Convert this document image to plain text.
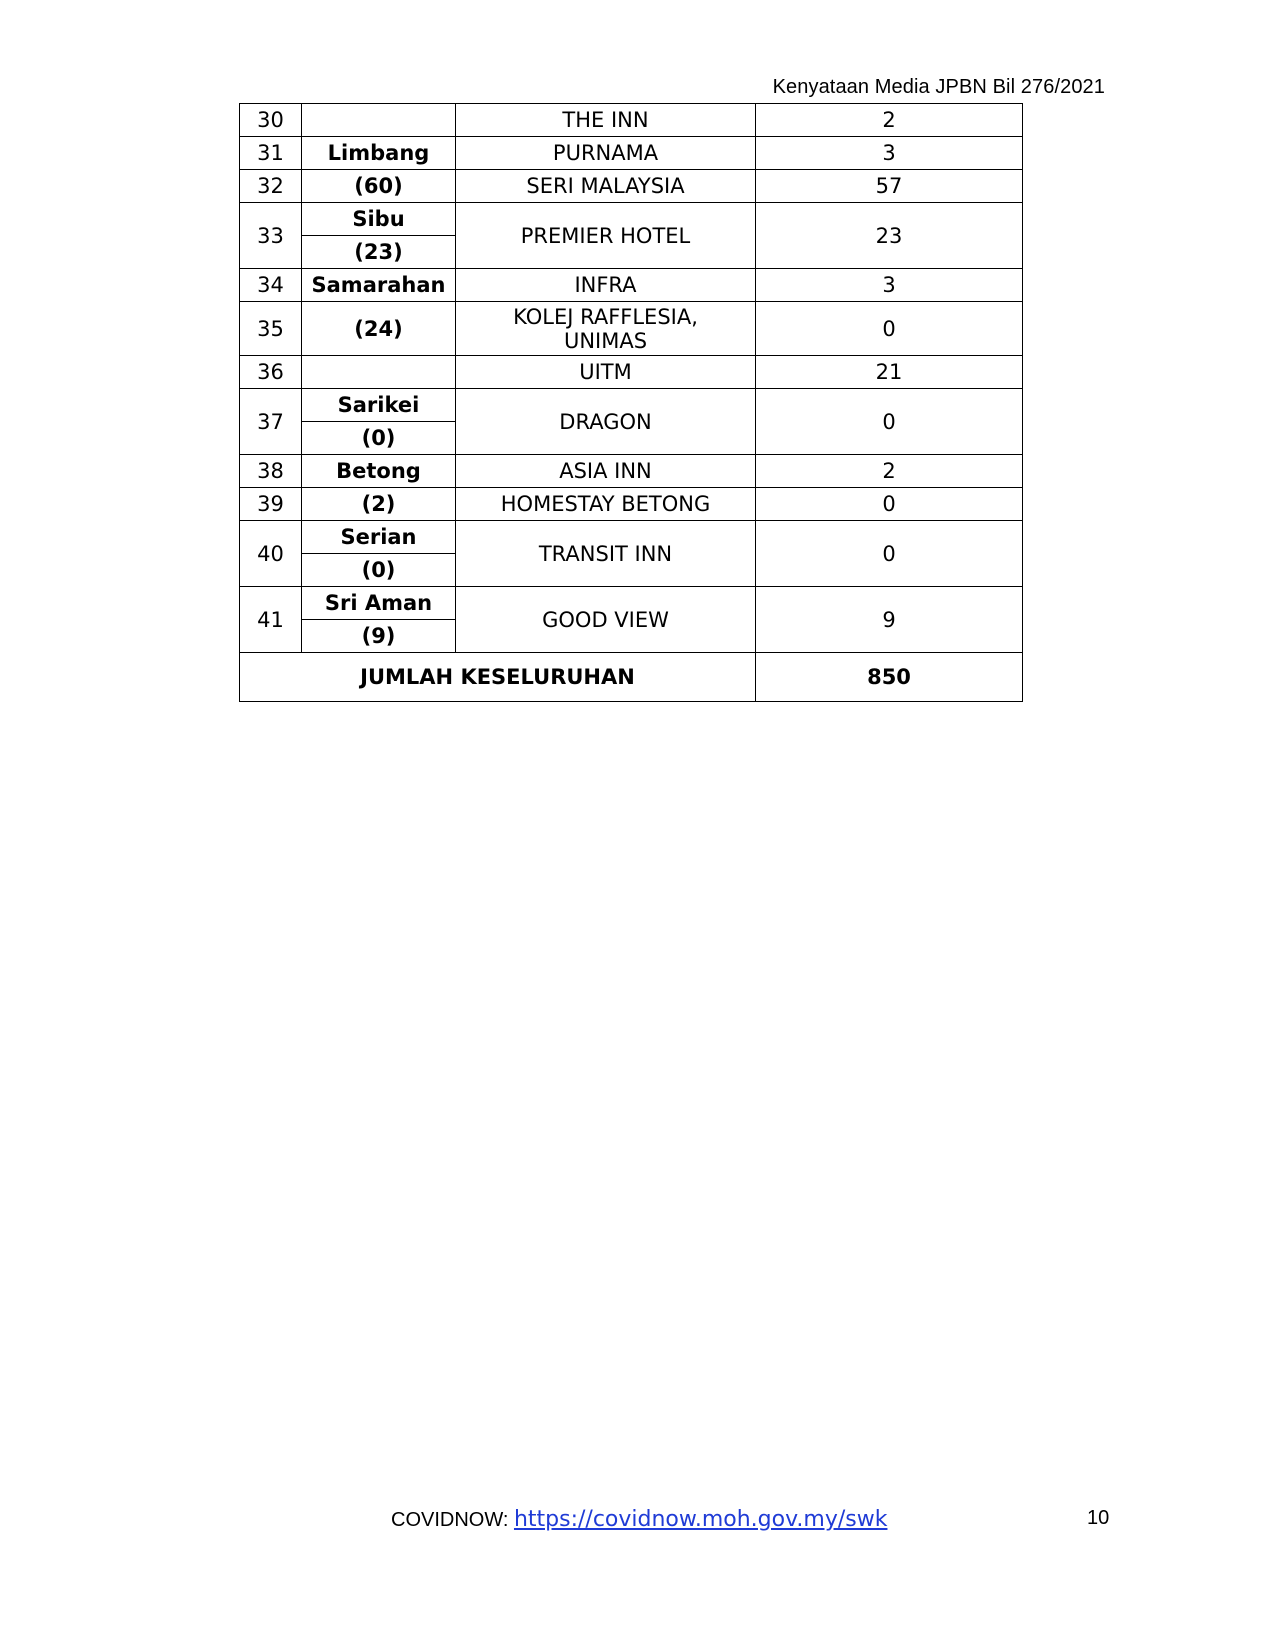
Kenyataan Media JPBN Bil 276/2021
30		THE INN	2
31	Limbang	PURNAMA	3
32	(60)	SERI MALAYSIA	57
33	Sibu	PREMIER HOTEL	23
	(23)		
34	Samarahan	INFRA	3
35	(24)	KOLEJ RAFFLESIA,
UNIMAS	0
36		UITM	21
37	Sarikei	DRAGON	0
	(0)		
38	Betong	ASIA INN	2
39	(2)	HOMESTAY BETONG	0
40	Serian	TRANSIT INN	0
	(0)		
41	Sri Aman	GOOD VIEW	9
	(9)		
JUMLAH KESELURUHAN			850
COVIDNOW: https://covidnow.moh.gov.my/swk	10
